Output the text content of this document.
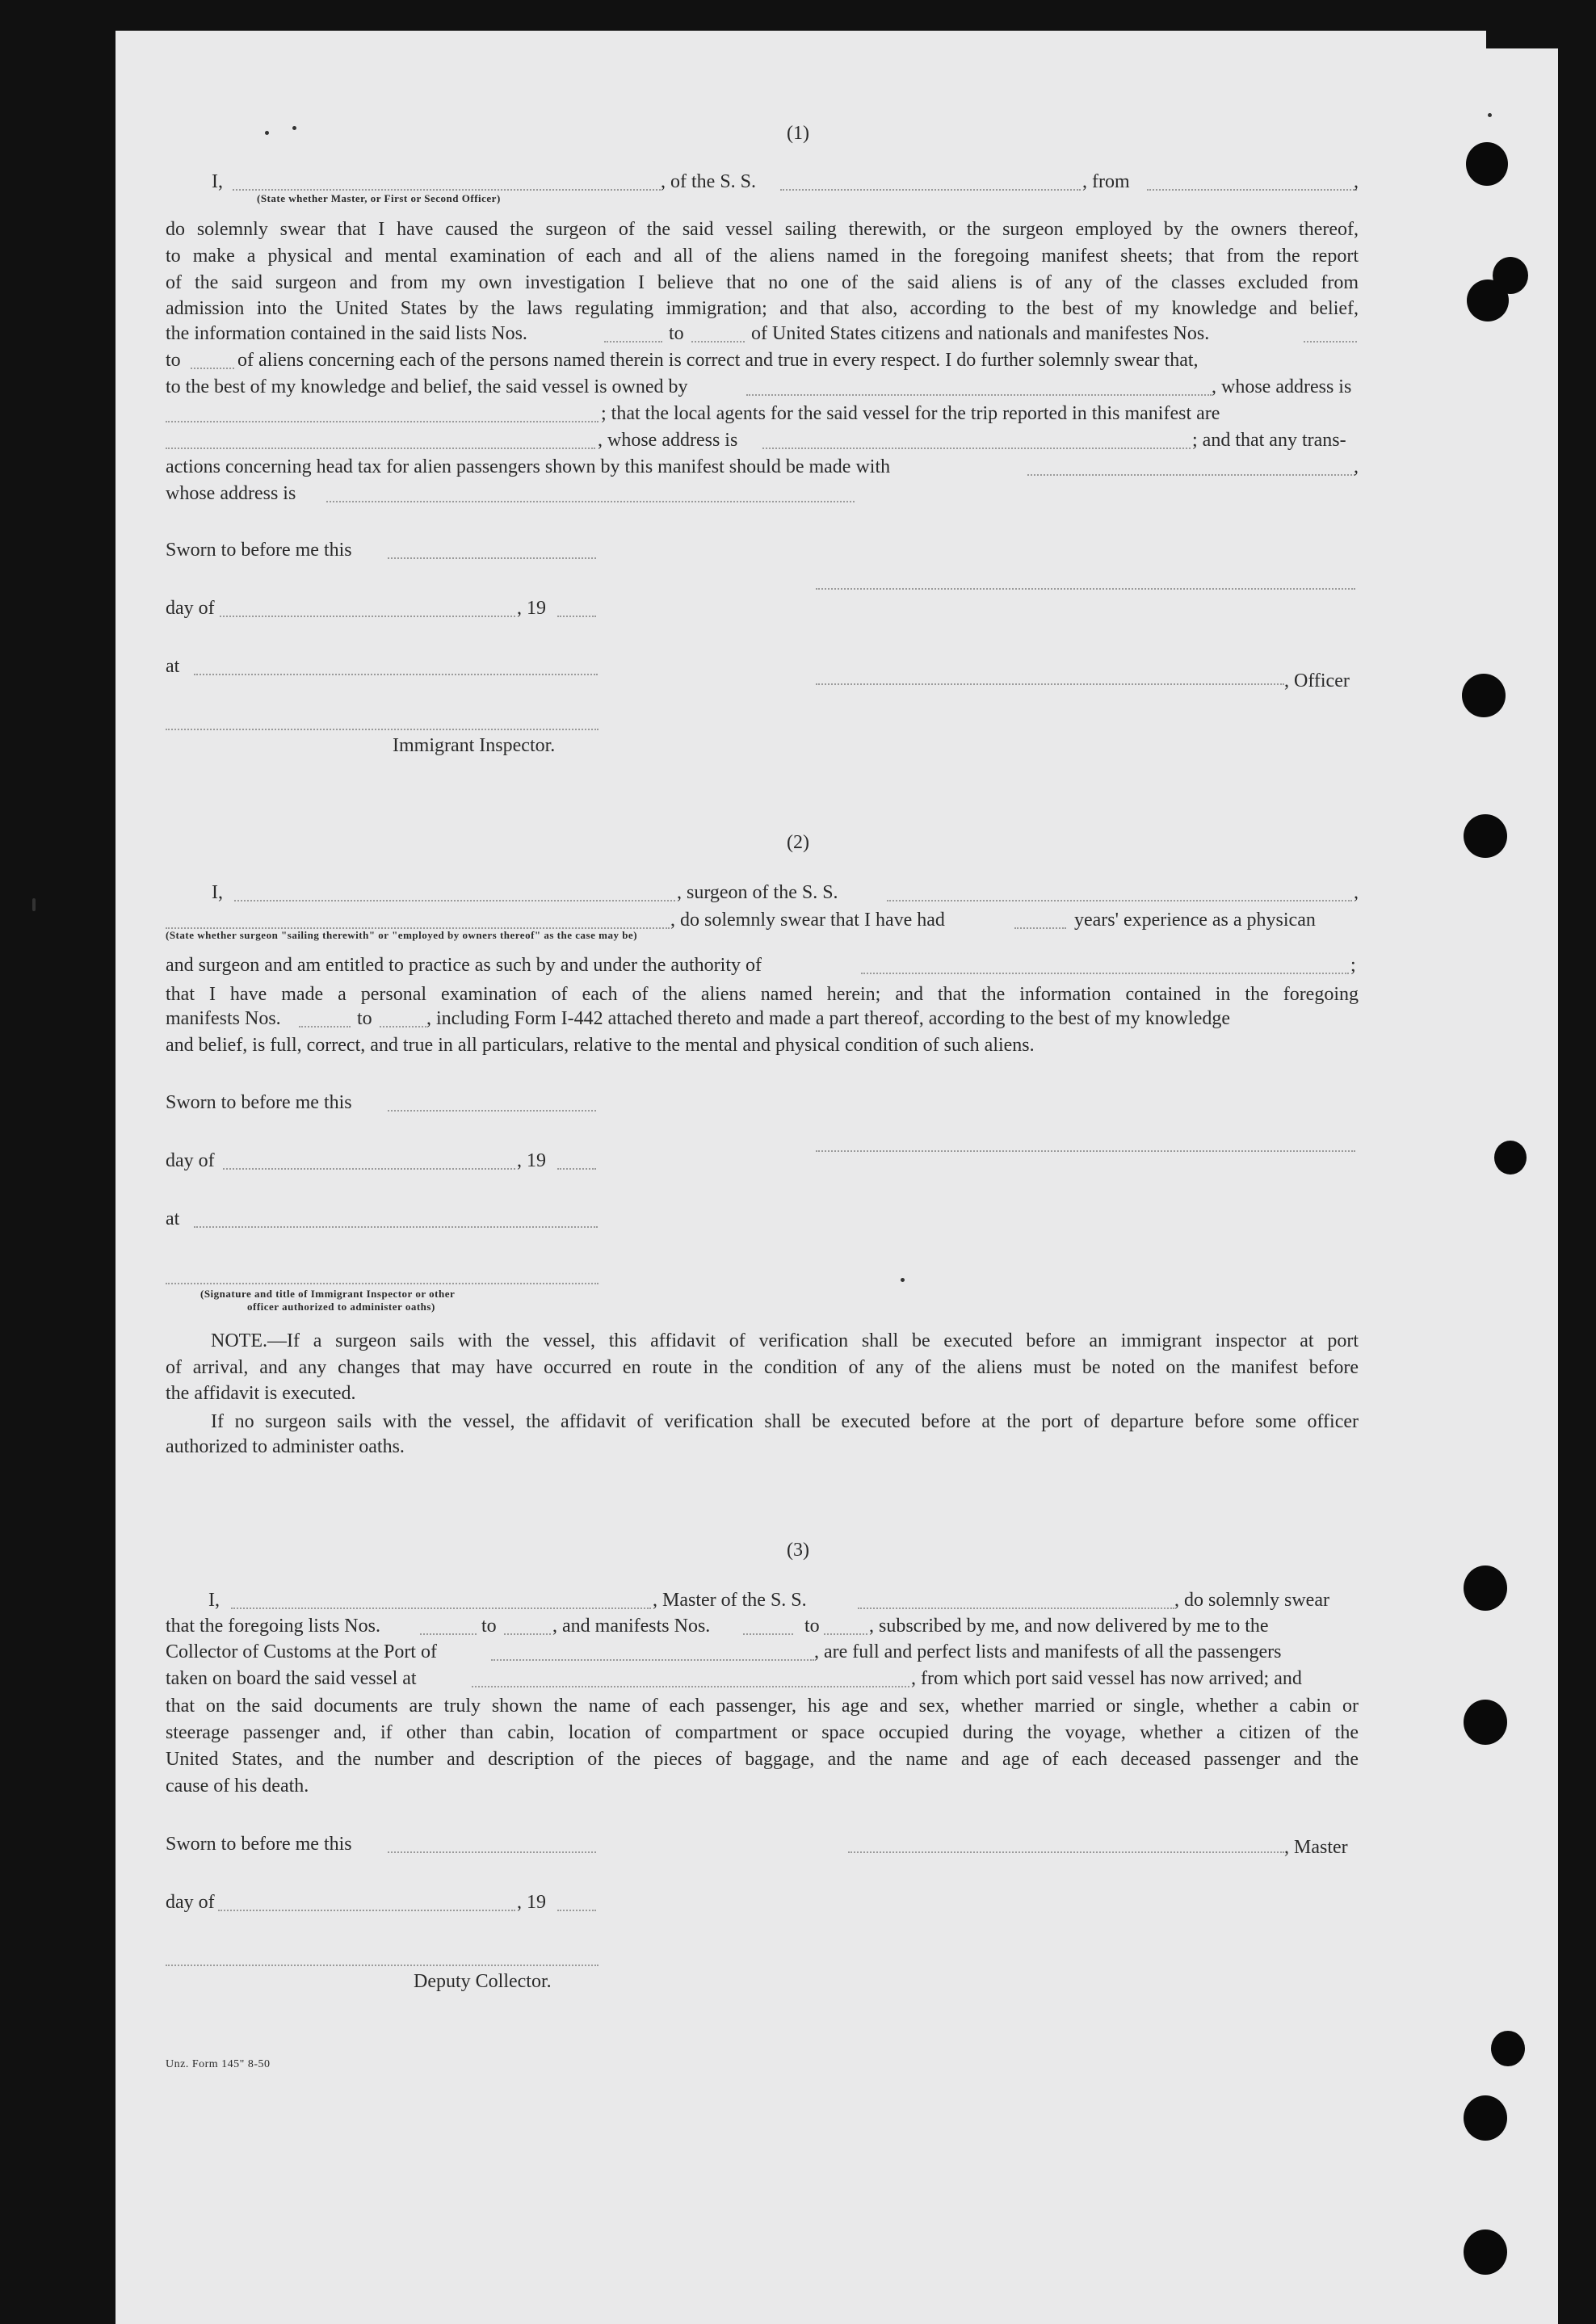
(1)
I,	, of the S. S.	, from	,
(State whether Master, or First or Second Officer)
do solemnly swear that I have caused the surgeon of the said vessel sailing therewith, or the surgeon employed by the owners thereof,
to make a physical and mental examination of each and all of the aliens named in the foregoing manifest sheets; that from the report
of the said surgeon and from my own investigation I believe that no one of the said aliens is of any of the classes excluded from
admission into the United States by the laws regulating immigration; and that also, according to the best of my knowledge and belief,
the information contained in the said lists Nos.	to	of United States citizens and nationals and manifestes Nos.
to	of aliens concerning each of the persons named therein is correct and true in every respect. I do further solemnly swear that,
to the best of my knowledge and belief, the said vessel is owned by	, whose address is
; that the local agents for the said vessel for the trip reported in this manifest are
, whose address is	; and that any trans-
actions concerning head tax for alien passengers shown by this manifest should be made with	,
whose address is
Sworn to before me this
day of	, 19
at
, Officer
Immigrant Inspector.
(2)
I,	, surgeon of the S. S.	,
, do solemnly swear that I have had	years' experience as a physican
(State whether surgeon "sailing therewith" or "employed by owners thereof" as the case may be)
and surgeon and am entitled to practice as such by and under the authority of	;
that I have made a personal examination of each of the aliens named herein; and that the information contained in the foregoing
manifests Nos.	to	, including Form I-442 attached thereto and made a part thereof, according to the best of my knowledge
and belief, is full, correct, and true in all particulars, relative to the mental and physical condition of such aliens.
Sworn to before me this
day of	, 19
at
(Signature and title of Immigrant Inspector or other
officer authorized to administer oaths)
NOTE.—If a surgeon sails with the vessel, this affidavit of verification shall be executed before an immigrant inspector at port
of arrival, and any changes that may have occurred en route in the condition of any of the aliens must be noted on the manifest before
the affidavit is executed.
If no surgeon sails with the vessel, the affidavit of verification shall be executed before at the port of departure before some officer
authorized to administer oaths.
(3)
I,	, Master of the S. S.	, do solemnly swear
that the foregoing lists Nos.	to	, and manifests Nos.	to	, subscribed by me, and now delivered by me to the
Collector of Customs at the Port of	, are full and perfect lists and manifests of all the passengers
taken on board the said vessel at	, from which port said vessel has now arrived; and
that on the said documents are truly shown the name of each passenger, his age and sex, whether married or single, whether a cabin or
steerage passenger and, if other than cabin, location of compartment or space occupied during the voyage, whether a citizen of the
United States, and the number and description of the pieces of baggage, and the name and age of each deceased passenger and the
cause of his death.
Sworn to before me this	, Master
day of	, 19
Deputy Collector.
Unz. Form 145" 8-50
